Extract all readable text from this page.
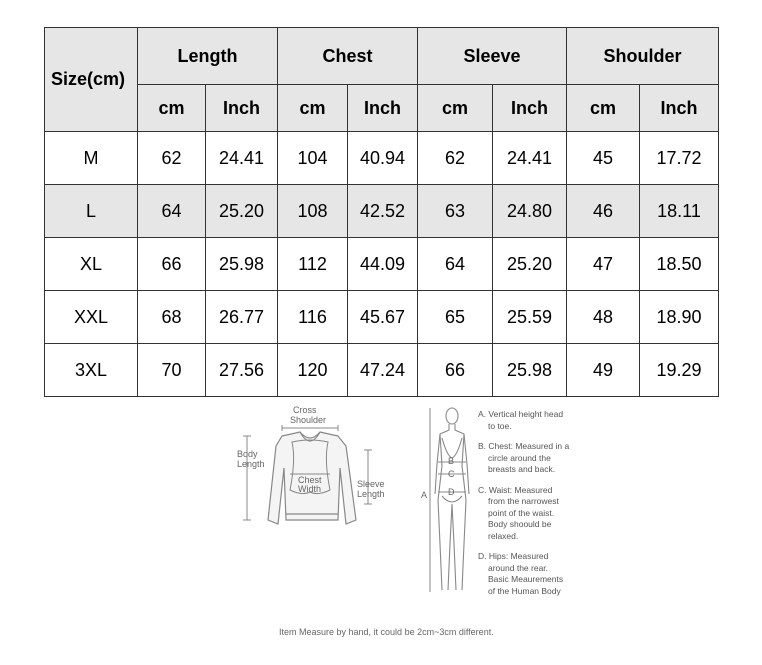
Size(cm)	Length		Chest		Sleeve		Shoulder	
	cm	Inch	cm	Inch	cm	Inch	cm	Inch
M	62	24.41	104	40.94	62	24.41	45	17.72
L	64	25.20	108	42.52	63	24.80	46	18.11
XL	66	25.98	112	44.09	64	25.20	47	18.50
XXL	68	26.77	116	45.67	65	25.59	48	18.90
3XL	70	27.56	120	47.24	66	25.98	49	19.29
Cross
Shoulder
Body
Length
Chest
Width	Sleeve
Length	A
B
C
D
A. Vertical height head
to toe.
B. Chest: Measured in a
circle around the
breasts and back.
C. Waist: Measured
from the narrowest
point of the waist.
Body shoould be
relaxed.
D. Hips: Measured
around the rear.
Basic Meaurements
of the Human Body
Item Measure by hand, it could be 2cm~3cm different.
